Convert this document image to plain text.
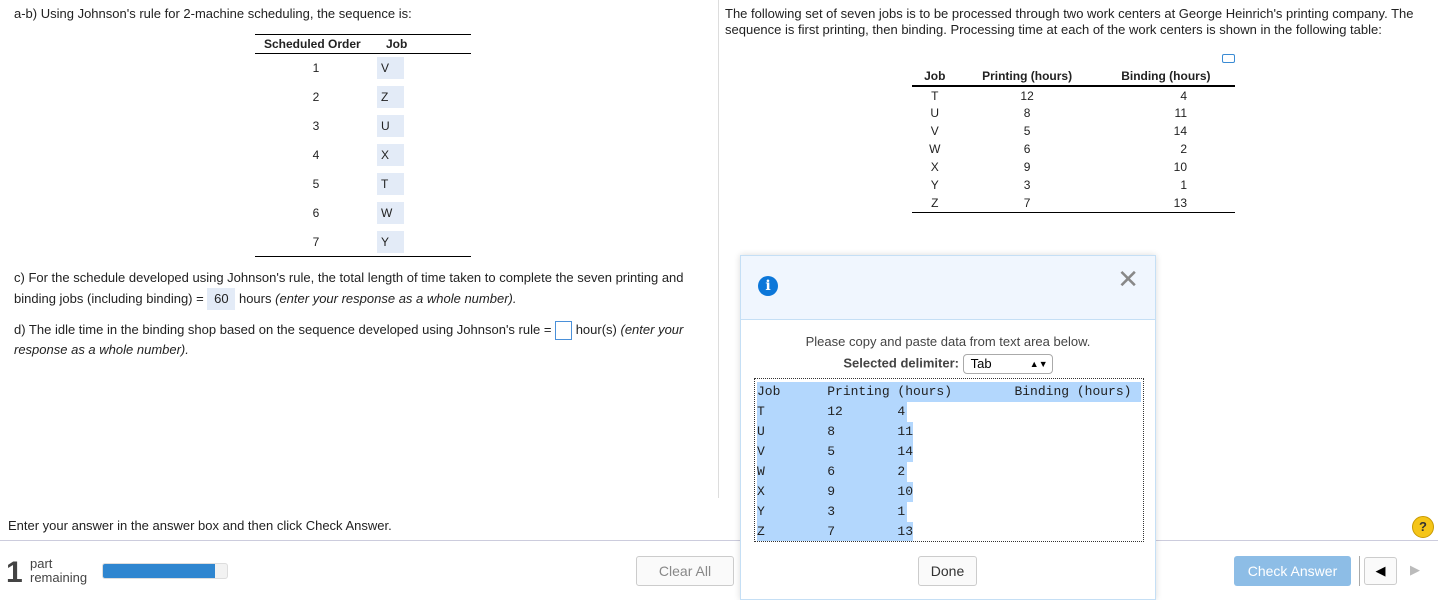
a-b) Using Johnson's rule for 2-machine scheduling, the sequence is:
Scheduled Order	Job
1	V
2	Z
3	U
4	X
5	T
6	W
7	Y
c) For the schedule developed using Johnson's rule, the total length of time taken to complete the seven printing and
binding jobs (including binding) = 60 hours (enter your response as a whole number).
d) The idle time in the binding shop based on the sequence developed using Johnson's rule = hour(s) (enter your
response as a whole number).
The following set of seven jobs is to be processed through two work centers at George Heinrich's printing company. The sequence is first printing, then binding. Processing time at each of the work centers is shown in the following table:
Job	Printing (hours)	Binding (hours)
T	12	4
U	8	11
V	5	14
W	6	2
X	9	10
Y	3	1
Z	7	13
Enter your answer in the answer box and then click Check Answer.	?
1 part
remaining	Clear All	Check Answer	◀	▶
i	✕
Please copy and paste data from text area below.
Selected delimiter: Tab	▲▼
Job      Printing (hours)        Binding (hours)
T        12       4
U        8        11
V        5        14
W        6        2
X        9        10
Y        3        1
Z        7        13

Done
